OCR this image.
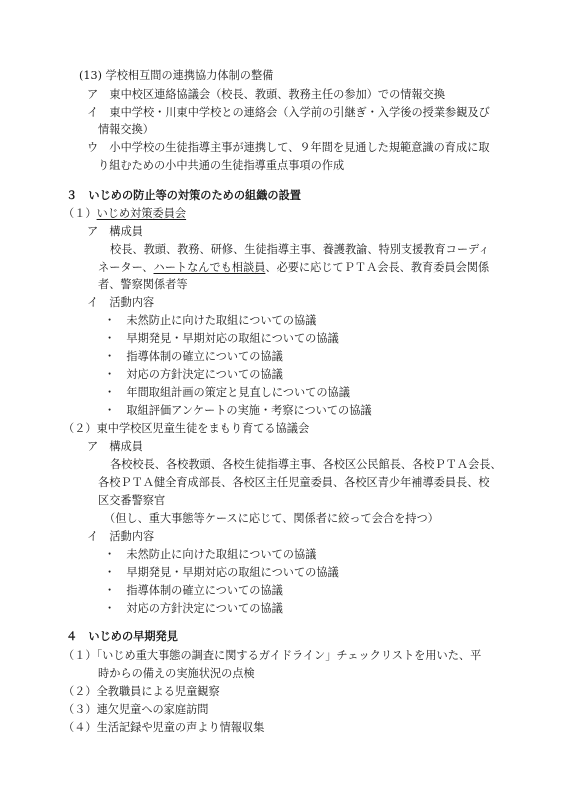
(13) 学校相互間の連携協力体制の整備
ア　東中校区連絡協議会（校長、教頭、教務主任の参加）での情報交換
イ　東中学校・川東中学校との連絡会（入学前の引継ぎ・入学後の授業参観及び
情報交換）
ウ　小中学校の生徒指導主事が連携して、９年間を見通した規範意識の育成に取
り組むための小中共通の生徒指導重点事項の作成
３　いじめの防止等の対策のための組織の設置
（１）いじめ対策委員会
ア　構成員
校長、教頭、教務、研修、生徒指導主事、養護教諭、特別支援教育コーディ
ネーター、ハートなんでも相談員、必要に応じてＰＴＡ会長、教育委員会関係
者、警察関係者等
イ　活動内容
・　未然防止に向けた取組についての協議
・　早期発見・早期対応の取組についての協議
・　指導体制の確立についての協議
・　対応の方針決定についての協議
・　年間取組計画の策定と見直しについての協議
・　取組評価アンケートの実施・考察についての協議
（２）東中学校区児童生徒をまもり育てる協議会
ア　構成員
各校校長、各校教頭、各校生徒指導主事、各校区公民館長、各校ＰＴＡ会長、
各校ＰＴＡ健全育成部長、各校区主任児童委員、各校区青少年補導委員長、校
区交番警察官
（但し、重大事態等ケースに応じて、関係者に絞って会合を持つ）
イ　活動内容
・　未然防止に向けた取組についての協議
・　早期発見・早期対応の取組についての協議
・　指導体制の確立についての協議
・　対応の方針決定についての協議
４　いじめの早期発見
（１）「いじめ重大事態の調査に関するガイドライン」チェックリストを用いた、平
時からの備えの実施状況の点検
（２）全教職員による児童観察
（３）連欠児童への家庭訪問
（４）生活記録や児童の声より情報収集
